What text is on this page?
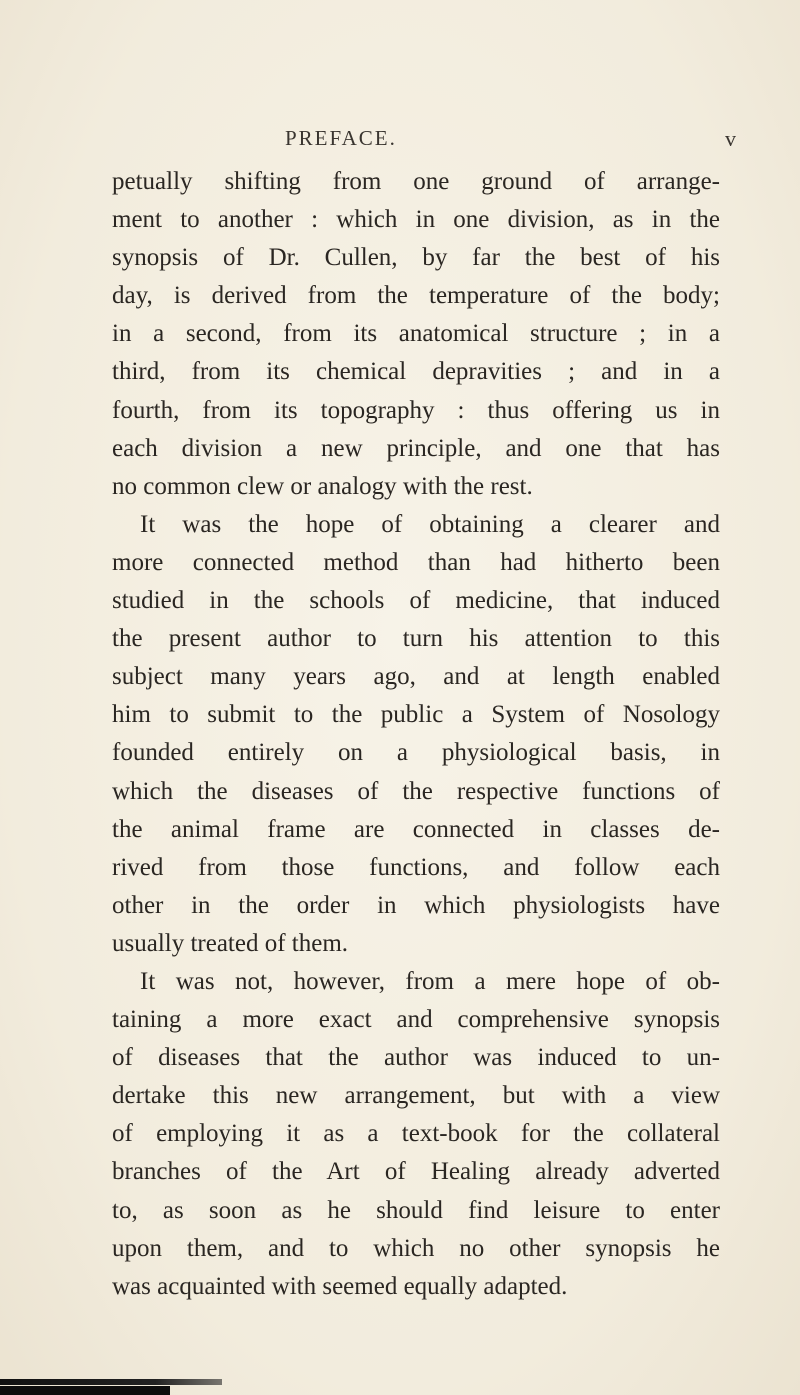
PREFACE.	v
petually shifting from one ground of arrange-
ment to another : which in one division, as in the
synopsis of Dr. Cullen, by far the best of his
day, is derived from the temperature of the body;
in a second, from its anatomical structure ; in a
third, from its chemical depravities ; and in a
fourth, from its topography : thus offering us in
each division a new principle, and one that has
no common clew or analogy with the rest.
It was the hope of obtaining a clearer and
more connected method than had hitherto been
studied in the schools of medicine, that induced
the present author to turn his attention to this
subject many years ago, and at length enabled
him to submit to the public a System of Nosology
founded entirely on a physiological basis, in
which the diseases of the respective functions of
the animal frame are connected in classes de-
rived from those functions, and follow each
other in the order in which physiologists have
usually treated of them.
It was not, however, from a mere hope of ob-
taining a more exact and comprehensive synopsis
of diseases that the author was induced to un-
dertake this new arrangement, but with a view
of employing it as a text-book for the collateral
branches of the Art of Healing already adverted
to, as soon as he should find leisure to enter
upon them, and to which no other synopsis he
was acquainted with seemed equally adapted.
